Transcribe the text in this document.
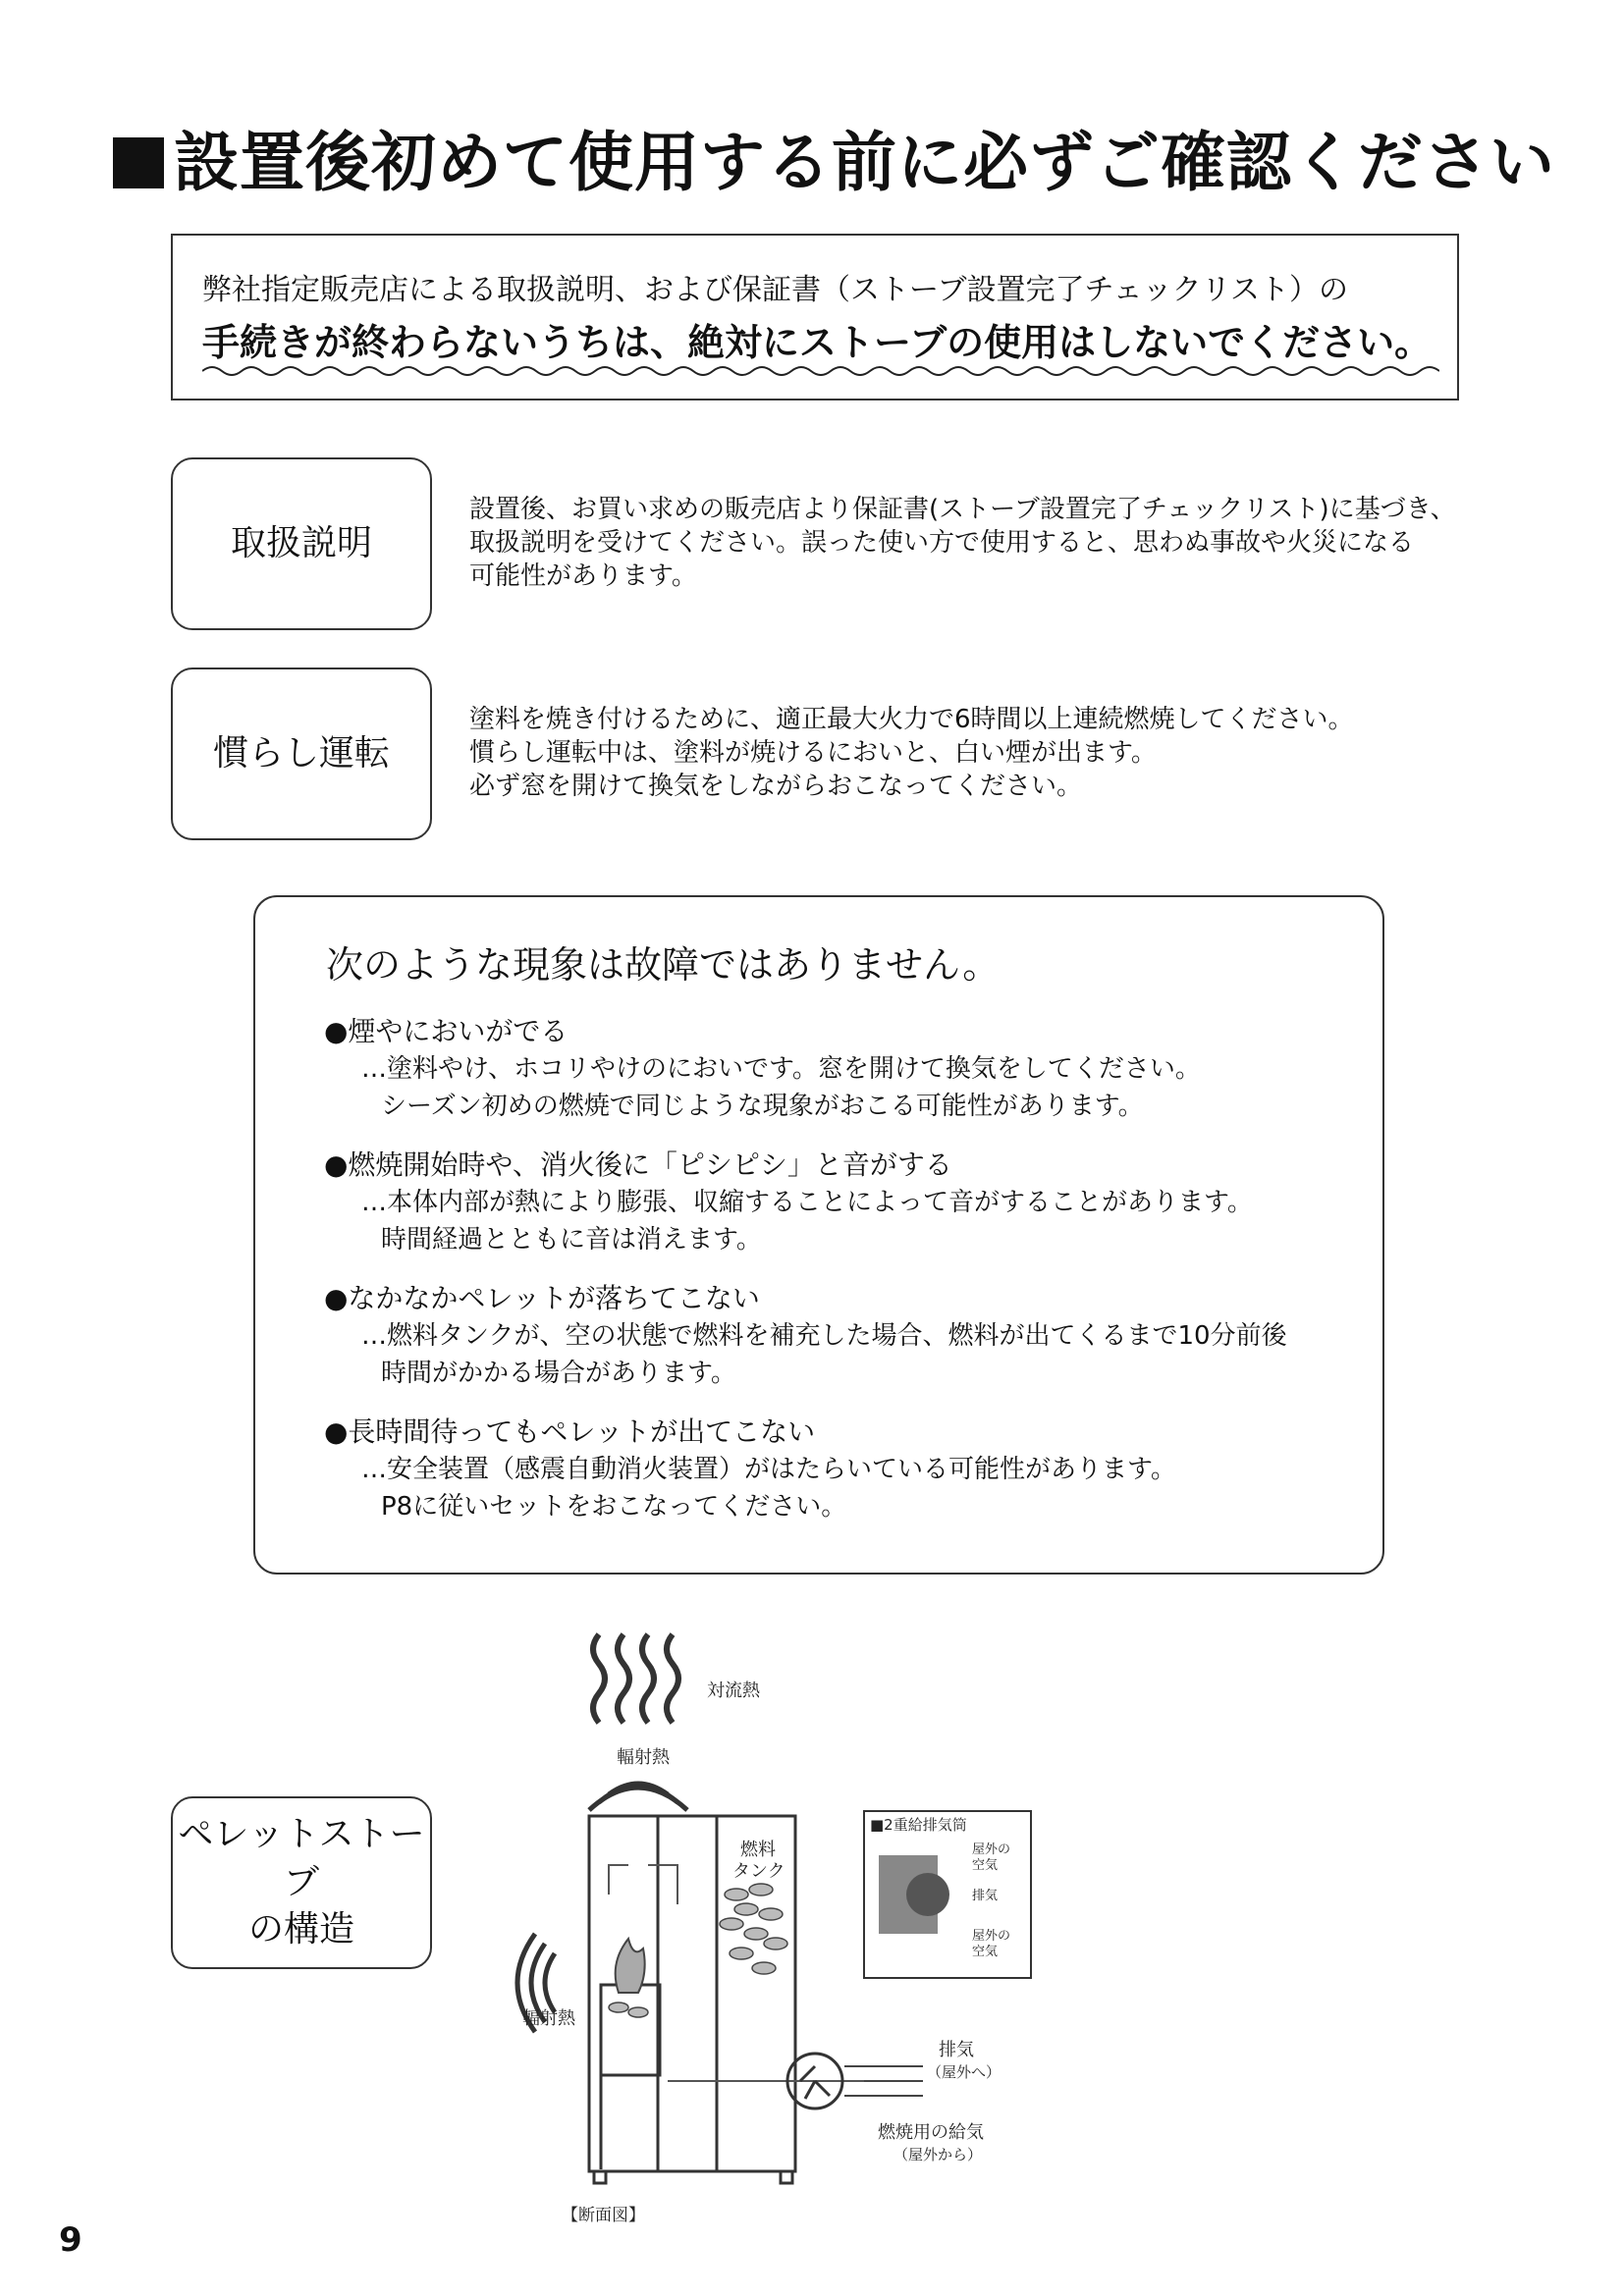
設置後初めて使用する前に必ずご確認ください
弊社指定販売店による取扱説明、および保証書（ストーブ設置完了チェックリスト）の
手続きが終わらないうちは、絶対にストーブの使用はしないでください。
取扱説明
設置後、お買い求めの販売店より保証書(ストーブ設置完了チェックリスト)に基づき、
取扱説明を受けてください。誤った使い方で使用すると、思わぬ事故や火災になる
可能性があります。
慣らし運転
塗料を焼き付けるために、適正最大火力で6時間以上連続燃焼してください。
慣らし運転中は、塗料が焼けるにおいと、白い煙が出ます。
必ず窓を開けて換気をしながらおこなってください。
次のような現象は故障ではありません。
●煙やにおいがでる
…塗料やけ、ホコリやけのにおいです。窓を開けて換気をしてください。
シーズン初めの燃焼で同じような現象がおこる可能性があります。
●燃焼開始時や、消火後に「ピシピシ」と音がする
…本体内部が熱により膨張、収縮することによって音がすることがあります。
時間経過とともに音は消えます。
●なかなかペレットが落ちてこない
…燃料タンクが、空の状態で燃料を補充した場合、燃料が出てくるまで10分前後
時間がかかる場合があります。
●長時間待ってもペレットが出てこない
…安全装置（感震自動消火装置）がはたらいている可能性があります。
P8に従いセットをおこなってください。
ペレットストーブ
の構造
対流熱
輻射熱
輻射熱
燃料
タンク
■2重給排気筒
屋外の
空気
排気
屋外の
空気
排気
（屋外へ）
燃焼用の給気
（屋外から）
【断面図】
9
